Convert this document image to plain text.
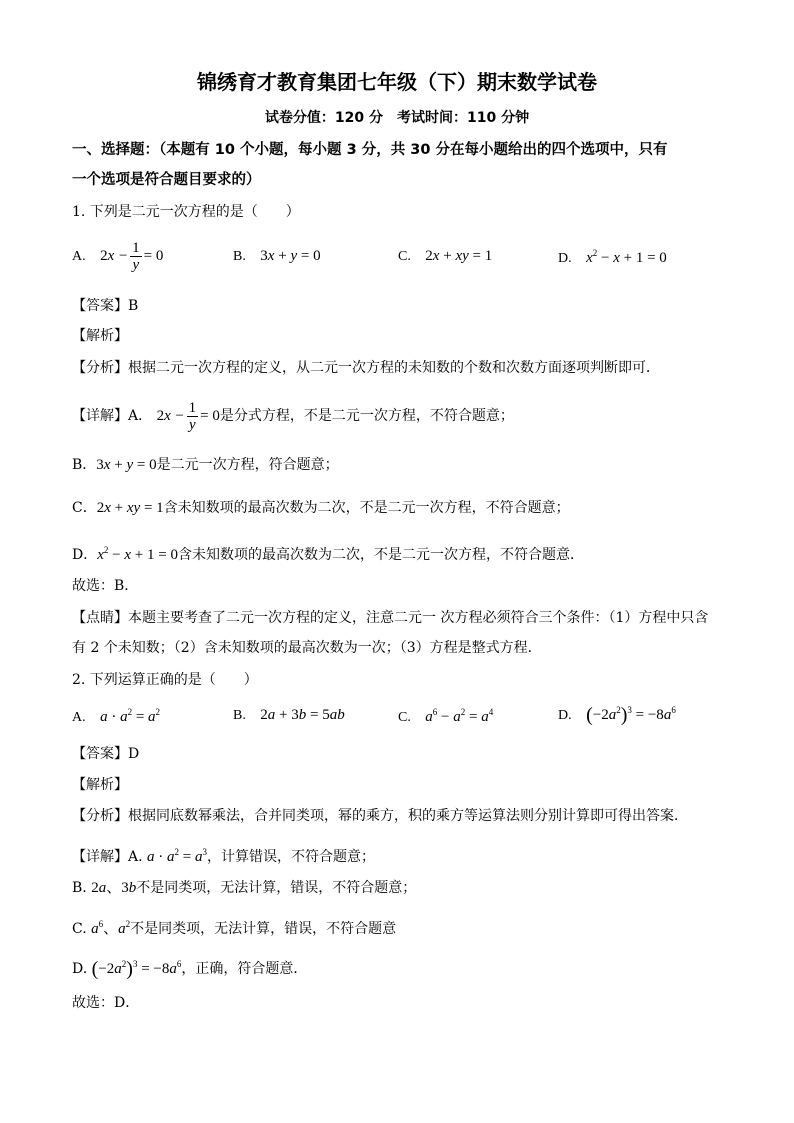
锦绣育才教育集团七年级（下）期末数学试卷
试卷分值：120 分　考试时间：110 分钟
一、选择题：（本题有 10 个小题，每小题 3 分，共 30 分在每小题给出的四个选项中，只有
一个选项是符合题目要求的）
1. 下列是二元一次方程的是（　　）
A. $2x - \frac{1}{y} = 0$	B. 3x + y = 0	C. 2x + xy = 1	D. $x^2 - x + 1 = 0$
【答案】B
【解析】
【分析】根据二元一次方程的定义，从二元一次方程的未知数的个数和次数方面逐项判断即可．
【详解】A． $2x - \frac{1}{y} = 0$是分式方程，不是二元一次方程，不符合题意；
B．3x + y = 0是二元一次方程，符合题意；
C．2x + xy = 1含未知数项的最高次数为二次，不是二元一次方程，不符合题意；
D．$x^2 - x + 1 = 0$含未知数项的最高次数为二次，不是二元一次方程，不符合题意．
故选：B．
【点睛】本题主要考查了二元一次方程的定义，注意二元一 次方程必须符合三个条件：（1）方程中只含
有 2 个未知数；（2）含未知数项的最高次数为一次；（3）方程是整式方程．
2. 下列运算正确的是（　　）
A. $a \cdot a^2 = a^2$	B. 2a + 3b = 5ab	C. $a^6 - a^2 = a^4$	D. $(-2a^2)^3 = -8a^6$
【答案】D
【解析】
【分析】根据同底数幂乘法，合并同类项，幂的乘方，积的乘方等运算法则分别计算即可得出答案．
【详解】A. $a \cdot a^2 = a^3$，计算错误，不符合题意；
B. 2a、3b不是同类项，无法计算，错误，不符合题意；
C. $a^6$、$a^2$不是同类项，无法计算，错误，不符合题意
D. $(-2a^2)^3 = -8a^6$，正确，符合题意．
故选：D．
